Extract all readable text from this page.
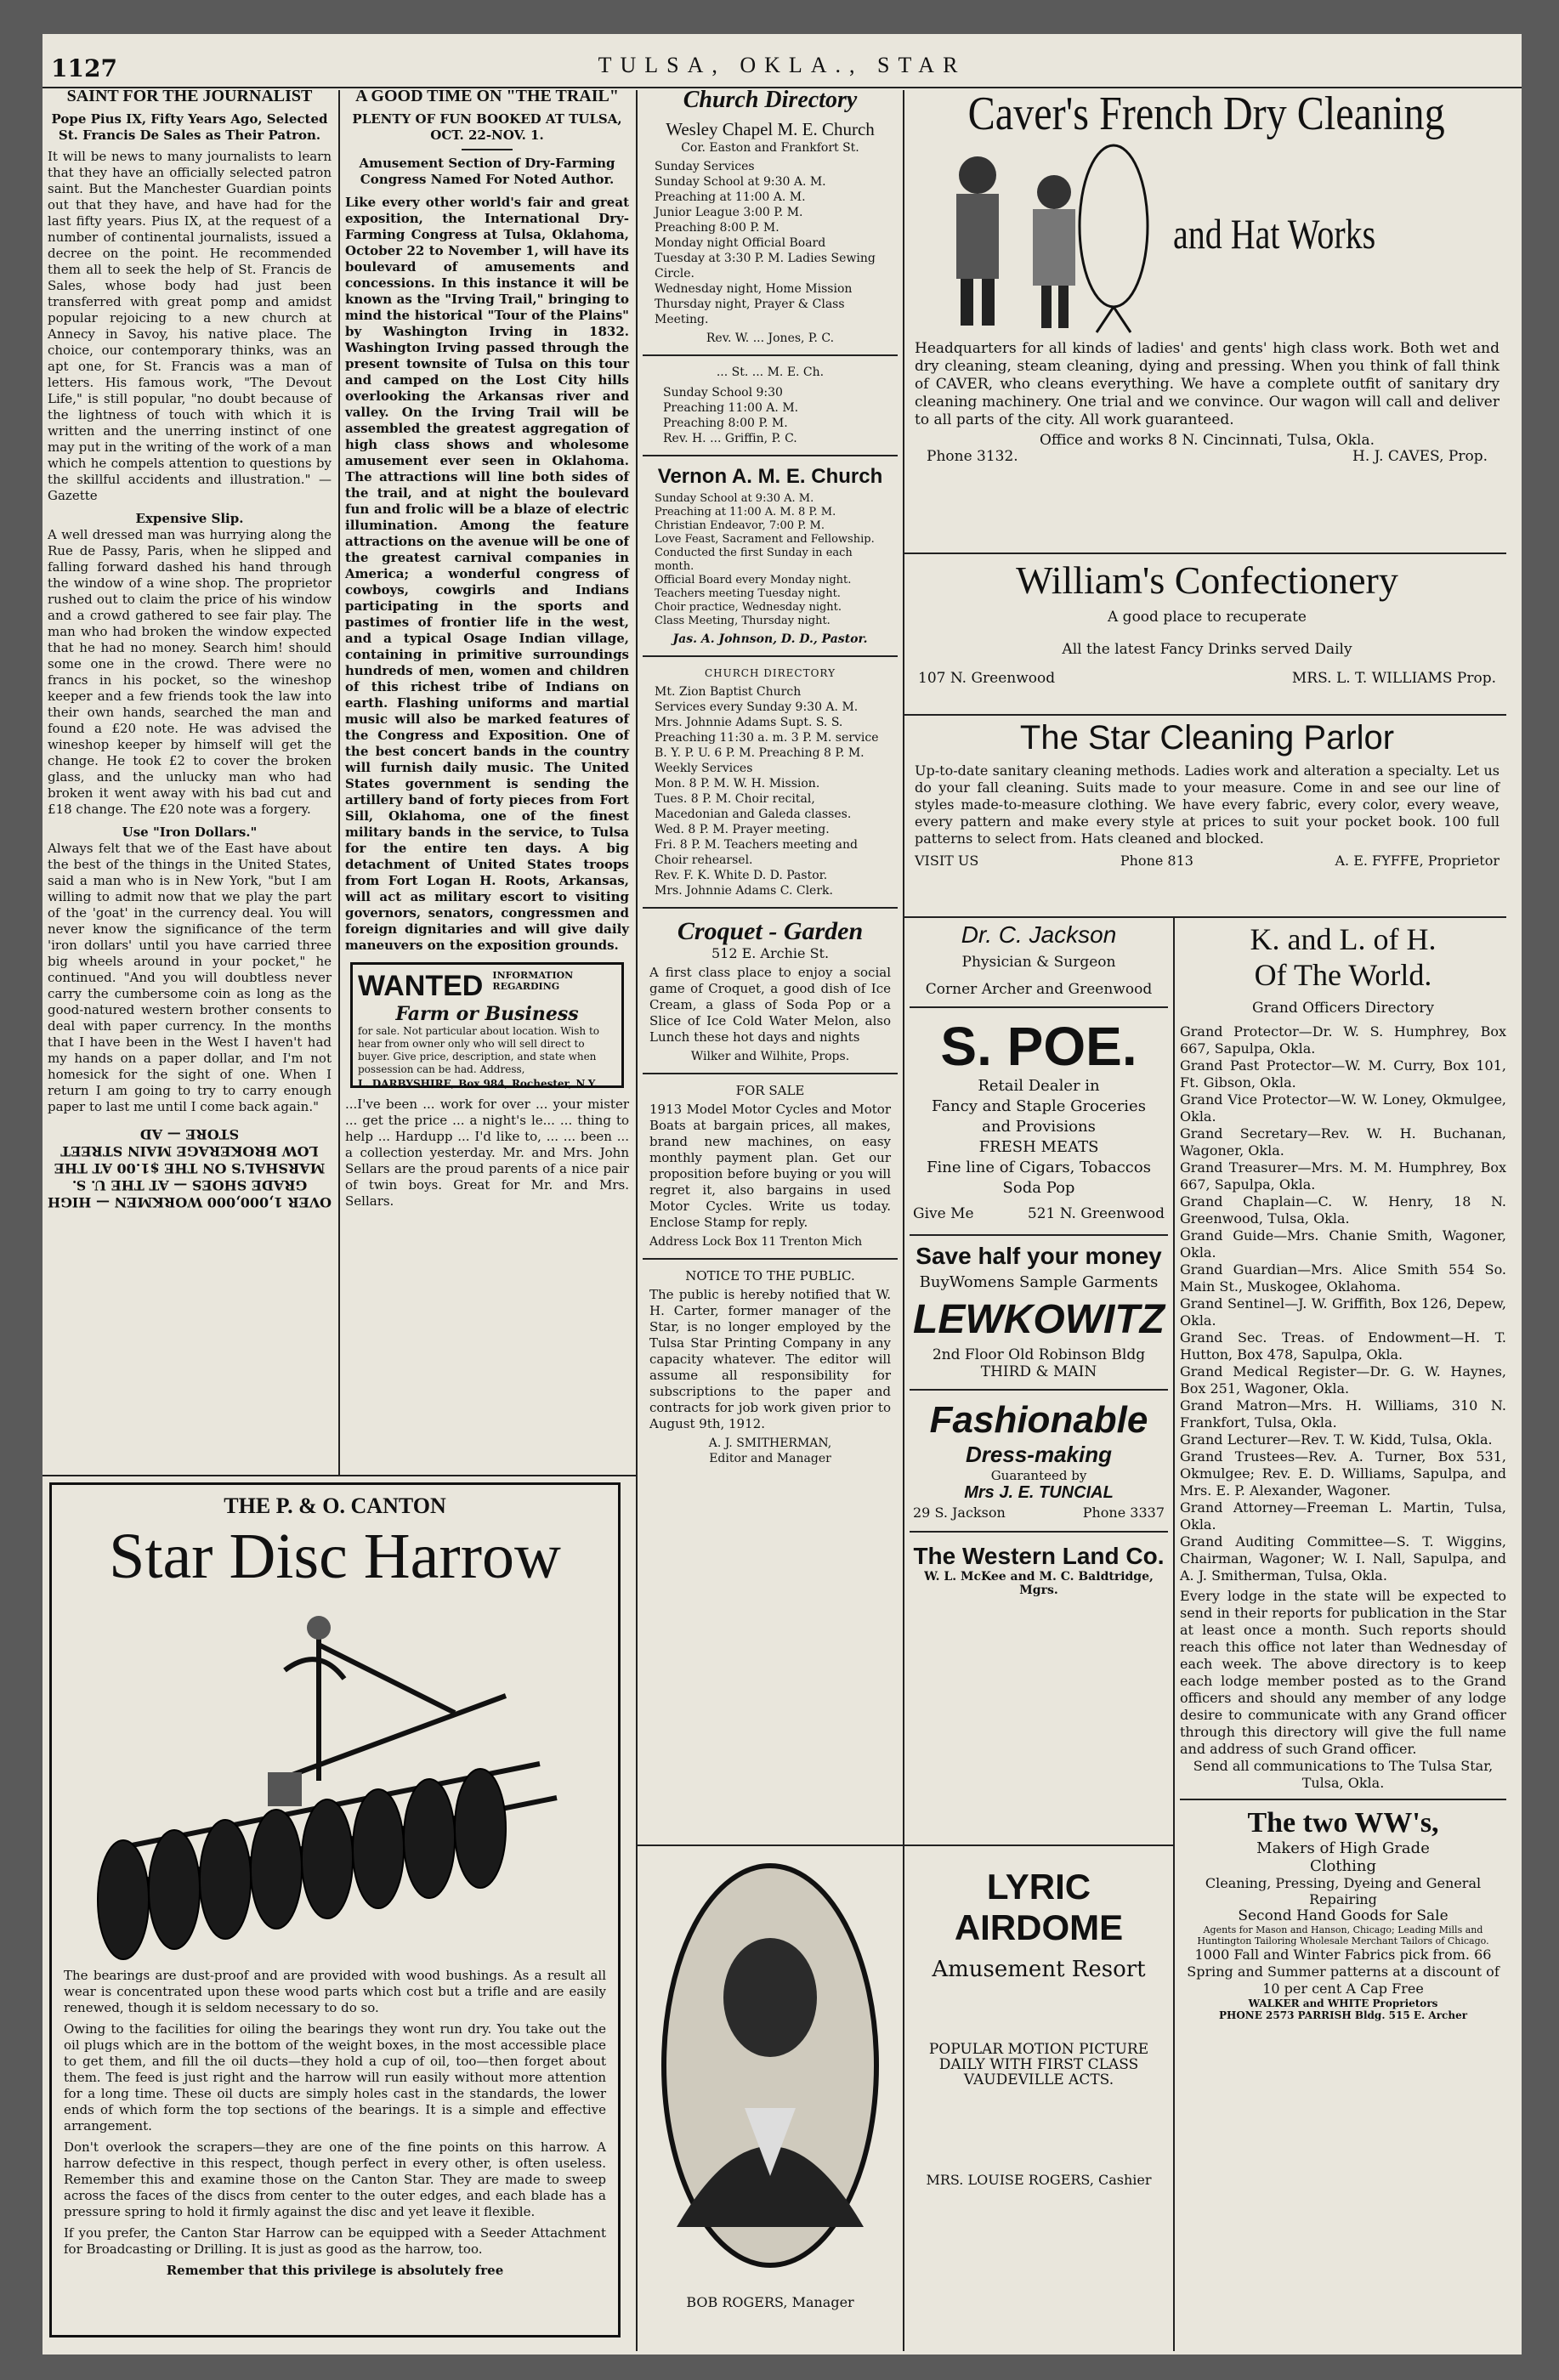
1127	TULSA, OKLA., STAR
SAINT FOR THE JOURNALIST

Pope Pius IX, Fifty Years Ago, Selected St. Francis De Sales as Their Patron.

It will be news to many journalists to learn that they have an officially selected patron saint. But the Manchester Guardian points out that they have, and have had for the last fifty years. Pius IX, at the request of a number of continental journalists, issued a decree on the point. He recommended them all to seek the help of St. Francis de Sales, whose body had just been transferred with great pomp and amidst popular rejoicing to a new church at Annecy in Savoy, his native place. The choice, our contemporary thinks, was an apt one, for St. Francis was a man of letters. His famous work, "The Devout Life," is still popular, "no doubt because of the lightness of touch with which it is written and the unerring instinct of one may put in the writing of the work of a man which he compels attention to questions by the skillful accidents and illustration." — Gazette

Expensive Slip.

A well dressed man was hurrying along the Rue de Passy, Paris, when he slipped and falling forward dashed his hand through the window of a wine shop. The proprietor rushed out to claim the price of his window and a crowd gathered to see fair play. The man who had broken the window expected that he had no money. Search him! should some one in the crowd. There were no francs in his pocket, so the wineshop keeper and a few friends took the law into their own hands, searched the man and found a £20 note. He was advised the wineshop keeper by himself will get the change. He took £2 to cover the broken glass, and the unlucky man who had broken it went away with his bad cut and £18 change. The £20 note was a forgery.

Use "Iron Dollars."

Always felt that we of the East have about the best of the things in the United States, said a man who is in New York, "but I am willing to admit now that we play the part of the 'goat' in the currency deal. You will never know the significance of the term 'iron dollars' until you have carried three big wheels around in your pocket," he continued. "And you will doubtless never carry the cumbersome coin as long as the good-natured western brother consents to deal with paper currency. In the months that I have been in the West I haven't had my hands on a paper dollar, and I'm not homesick for the sight of one. When I return I am going to try to carry enough paper to last me until I come back again."

OVER 1,000,000 WORKMEN — HIGH GRADE SHOES — AT THE U. S. MARSHAL'S ON THE $1.00 AT THE LOW BROKERAGE MAIN STREET STORE — AD

A GOOD TIME ON "THE TRAIL"

PLENTY OF FUN BOOKED AT TULSA, OCT. 22-NOV. 1.

Amusement Section of Dry-Farming Congress Named For Noted Author.

Like every other world's fair and great exposition, the International Dry-Farming Congress at Tulsa, Oklahoma, October 22 to November 1, will have its boulevard of amusements and concessions. In this instance it will be known as the "Irving Trail," bringing to mind the historical "Tour of the Plains" by Washington Irving in 1832. Washington Irving passed through the present townsite of Tulsa on this tour and camped on the Lost City hills overlooking the Arkansas river and valley. On the Irving Trail will be assembled the greatest aggregation of high class shows and wholesome amusement ever seen in Oklahoma. The attractions will line both sides of the trail, and at night the boulevard fun and frolic will be a blaze of electric illumination. Among the feature attractions on the avenue will be one of the greatest carnival companies in America; a wonderful congress of cowboys, cowgirls and Indians participating in the sports and pastimes of frontier life in the west, and a typical Osage Indian village, containing in primitive surroundings hundreds of men, women and children of this richest tribe of Indians on earth. Flashing uniforms and martial music will also be marked features of the Congress and Exposition. One of the best concert bands in the country will furnish daily music. The United States government is sending the artillery band of forty pieces from Fort Sill, Oklahoma, one of the finest military bands in the service, to Tulsa for the entire ten days. A big detachment of United States troops from Fort Logan H. Roots, Arkansas, will act as military escort to visiting governors, senators, congressmen and foreign dignitaries and will give daily maneuvers on the exposition grounds.

WANTED INFORMATION REGARDING
Farm or Business
for sale. Not particular about location. Wish to hear from owner only who will sell direct to buyer. Give price, description, and state when possession can be had. Address,
L. DARBYSHIRE, Box 984, Rochester, N.Y.

...I've been ... work for over ... your mister ... get the price ... a night's le... ... thing to help ... Hardupp ... I'd like to, ... ... been ... a collection yesterday. Mr. and Mrs. John Sellars are the proud parents of a nice pair of twin boys. Great for Mr. and Mrs. Sellars.

THE P. & O. CANTON
Star Disc Harrow

The bearings are dust-proof and are provided with wood bushings. As a result all wear is concentrated upon these wood parts which cost but a trifle and are easily renewed, though it is seldom necessary to do so.

Owing to the facilities for oiling the bearings they wont run dry. You take out the oil plugs which are in the bottom of the weight boxes, in the most accessible place to get them, and fill the oil ducts—they hold a cup of oil, too—then forget about them. The feed is just right and the harrow will run easily without more attention for a long time. These oil ducts are simply holes cast in the standards, the lower ends of which form the top sections of the bearings. It is a simple and effective arrangement.

Don't overlook the scrapers—they are one of the fine points on this harrow. A harrow defective in this respect, though perfect in every other, is often useless. Remember this and examine those on the Canton Star. They are made to sweep across the faces of the discs from center to the outer edges, and each blade has a pressure spring to hold it firmly against the disc and yet leave it flexible.

If you prefer, the Canton Star Harrow can be equipped with a Seeder Attachment for Broadcasting or Drilling. It is just as good as the harrow, too.

Remember that this privilege is absolutely free

Church Directory
Wesley Chapel M. E. Church
Cor. Easton and Frankfort St.

Sunday Services

Sunday School at 9:30 A. M.

Preaching at 11:00 A. M.

Junior League 3:00 P. M.

Preaching 8:00 P. M.

Monday night Official Board

Tuesday at 3:30 P. M. Ladies Sewing Circle.

Wednesday night, Home Mission

Thursday night, Prayer & Class Meeting.

Rev. W. ... Jones, P. C.
... St. ... M. E. Ch.

Sunday School 9:30

Preaching 11:00 A. M.

Preaching 8:00 P. M.

Rev. H. ... Griffin, P. C.

Vernon A. M. E. Church

Sunday School at 9:30 A. M.

Preaching at 11:00 A. M. 8 P. M.

Christian Endeavor, 7:00 P. M.

Love Feast, Sacrament and Fellowship. Conducted the first Sunday in each month.

Official Board every Monday night.

Teachers meeting Tuesday night.

Choir practice, Wednesday night.

Class Meeting, Thursday night.

Jas. A. Johnson, D. D., Pastor.
CHURCH DIRECTORY

Mt. Zion Baptist Church

Services every Sunday 9:30 A. M.

Mrs. Johnnie Adams Supt. S. S.

Preaching 11:30 a. m. 3 P. M. service

B. Y. P. U. 6 P. M. Preaching 8 P. M.

Weekly Services

Mon. 8 P. M. W. H. Mission.

Tues. 8 P. M. Choir recital, Macedonian and Galeda classes.

Wed. 8 P. M. Prayer meeting.

Fri. 8 P. M. Teachers meeting and Choir rehearsel.

Rev. F. K. White D. D. Pastor.

Mrs. Johnnie Adams C. Clerk.

Croquet - Garden
512 E. Archie St.

A first class place to enjoy a social game of Croquet, a good dish of Ice Cream, a glass of Soda Pop or a Slice of Ice Cold Water Melon, also Lunch these hot days and nights

Wilker and Wilhite, Props.
FOR SALE

1913 Model Motor Cycles and Motor Boats at bargain prices, all makes, brand new machines, on easy monthly payment plan. Get our proposition before buying or you will regret it, also bargains in used Motor Cycles. Write us today. Enclose Stamp for reply.

Address Lock Box 11 Trenton Mich
NOTICE TO THE PUBLIC.

The public is hereby notified that W. H. Carter, former manager of the Star, is no longer employed by the Tulsa Star Printing Company in any capacity whatever. The editor will assume all responsibility for subscriptions to the paper and contracts for job work given prior to August 9th, 1912.

A. J. SMITHERMAN,
Editor and Manager
BOB ROGERS, Manager
LYRIC
AIRDOME
Amusement Resort
POPULAR MOTION PICTURE
DAILY WITH FIRST CLASS
VAUDEVILLE ACTS.
MRS. LOUISE ROGERS, Cashier
Caver's French Dry Cleaning
and Hat Works

Headquarters for all kinds of ladies' and gents' high class work. Both wet and dry cleaning, steam cleaning, dying and pressing. When you think of fall think of CAVER, who cleans everything. We have a complete outfit of sanitary dry cleaning machinery. One trial and we convince. Our wagon will call and deliver to all parts of the city. All work guaranteed.

Office and works 8 N. Cincinnati, Tulsa, Okla.
Phone 3132.	H. J. CAVES, Prop.
William's Confectionery
A good place to recuperate
All the latest Fancy Drinks served Daily
107 N. Greenwood	MRS. L. T. WILLIAMS Prop.
The Star Cleaning Parlor

Up-to-date sanitary cleaning methods. Ladies work and alteration a specialty. Let us do your fall cleaning. Suits made to your measure. Come in and see our line of styles made-to-measure clothing. We have every fabric, every color, every weave, every pattern and make every style at prices to suit your pocket book. 100 full patterns to select from. Hats cleaned and blocked.

VISIT US	Phone 813	A. E. FYFFE, Proprietor
Dr. C. Jackson
Physician & Surgeon
Corner Archer and Greenwood
S. POE.

Retail Dealer in

Fancy and Staple Groceries

and Provisions

FRESH MEATS

Fine line of Cigars, Tobaccos

Soda Pop

Give Me	521 N. Greenwood
Save half your money
BuyWomens Sample Garments
LEWKOWITZ
2nd Floor Old Robinson Bldg
THIRD & MAIN
Fashionable
Dress-making
Guaranteed by
Mrs J. E. TUNCIAL
29 S. Jackson	Phone 3337
The Western Land Co.
W. L. McKee and M. C. Baldtridge, Mgrs.
K. and L. of H.
Of The World.
Grand Officers Directory

Grand Protector—Dr. W. S. Humphrey, Box 667, Sapulpa, Okla.

Grand Past Protector—W. M. Curry, Box 101, Ft. Gibson, Okla.

Grand Vice Protector—W. W. Loney, Okmulgee, Okla.

Grand Secretary—Rev. W. H. Buchanan, Wagoner, Okla.

Grand Treasurer—Mrs. M. M. Humphrey, Box 667, Sapulpa, Okla.

Grand Chaplain—C. W. Henry, 18 N. Greenwood, Tulsa, Okla.

Grand Guide—Mrs. Chanie Smith, Wagoner, Okla.

Grand Guardian—Mrs. Alice Smith 554 So. Main St., Muskogee, Oklahoma.

Grand Sentinel—J. W. Griffith, Box 126, Depew, Okla.

Grand Sec. Treas. of Endowment—H. T. Hutton, Box 478, Sapulpa, Okla.

Grand Medical Register—Dr. G. W. Haynes, Box 251, Wagoner, Okla.

Grand Matron—Mrs. H. Williams, 310 N. Frankfort, Tulsa, Okla.

Grand Lecturer—Rev. T. W. Kidd, Tulsa, Okla.

Grand Trustees—Rev. A. Turner, Box 531, Okmulgee; Rev. E. D. Williams, Sapulpa, and Mrs. E. P. Alexander, Wagoner.

Grand Attorney—Freeman L. Martin, Tulsa, Okla.

Grand Auditing Committee—S. T. Wiggins, Chairman, Wagoner; W. I. Nall, Sapulpa, and A. J. Smitherman, Tulsa, Okla.

Every lodge in the state will be expected to send in their reports for publication in the Star at least once a month. Such reports should reach this office not later than Wednesday of each week. The above directory is to keep each lodge member posted as to the Grand officers and should any member of any lodge desire to communicate with any Grand officer through this directory will give the full name and address of such Grand officer.

Send all communications to The Tulsa Star, Tulsa, Okla.

The two WW's,
Makers of High Grade
Clothing
Cleaning, Pressing, Dyeing and General Repairing
Second Hand Goods for Sale
Agents for Mason and Hanson, Chicago; Leading Mills and Huntington Tailoring Wholesale Merchant Tailors of Chicago.
1000 Fall and Winter Fabrics pick from. 66 Spring and Summer patterns at a discount of 10 per cent A Cap Free
WALKER and WHITE Proprietors
PHONE 2573 PARRISH Bldg. 515 E. Archer
